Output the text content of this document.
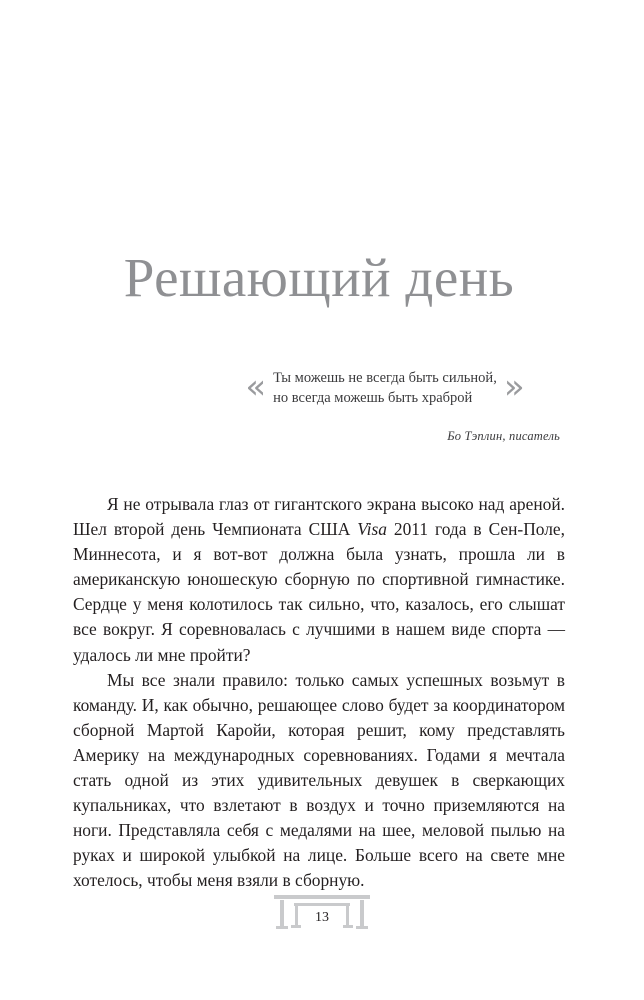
Решающий день
« Ты можешь не всегда быть сильной,
но всегда можешь быть храброй »
Бо Тэплин, писатель

Я не отрывала глаз от гигантского экрана высоко над ареной. Шел второй день Чемпионата США Visa 2011 года в Сен-Поле, Миннесота, и я вот-вот должна была узнать, прошла ли в американскую юношескую сборную по спортивной гимнастике. Сердце у меня колотилось так сильно, что, казалось, его слышат все вокруг. Я соревновалась с лучшими в нашем виде спорта — удалось ли мне пройти?

Мы все знали правило: только самых успешных возьмут в команду. И, как обычно, решающее слово будет за координатором сборной Мартой Каройи, которая решит, кому представлять Америку на международных соревнованиях. Годами я мечтала стать одной из этих удивительных девушек в сверкающих купальниках, что взлетают в воздух и точно приземляются на ноги. Представляла себя с медалями на шее, меловой пылью на руках и широкой улыбкой на лице. Больше всего на свете мне хотелось, чтобы меня взяли в сборную.

13
